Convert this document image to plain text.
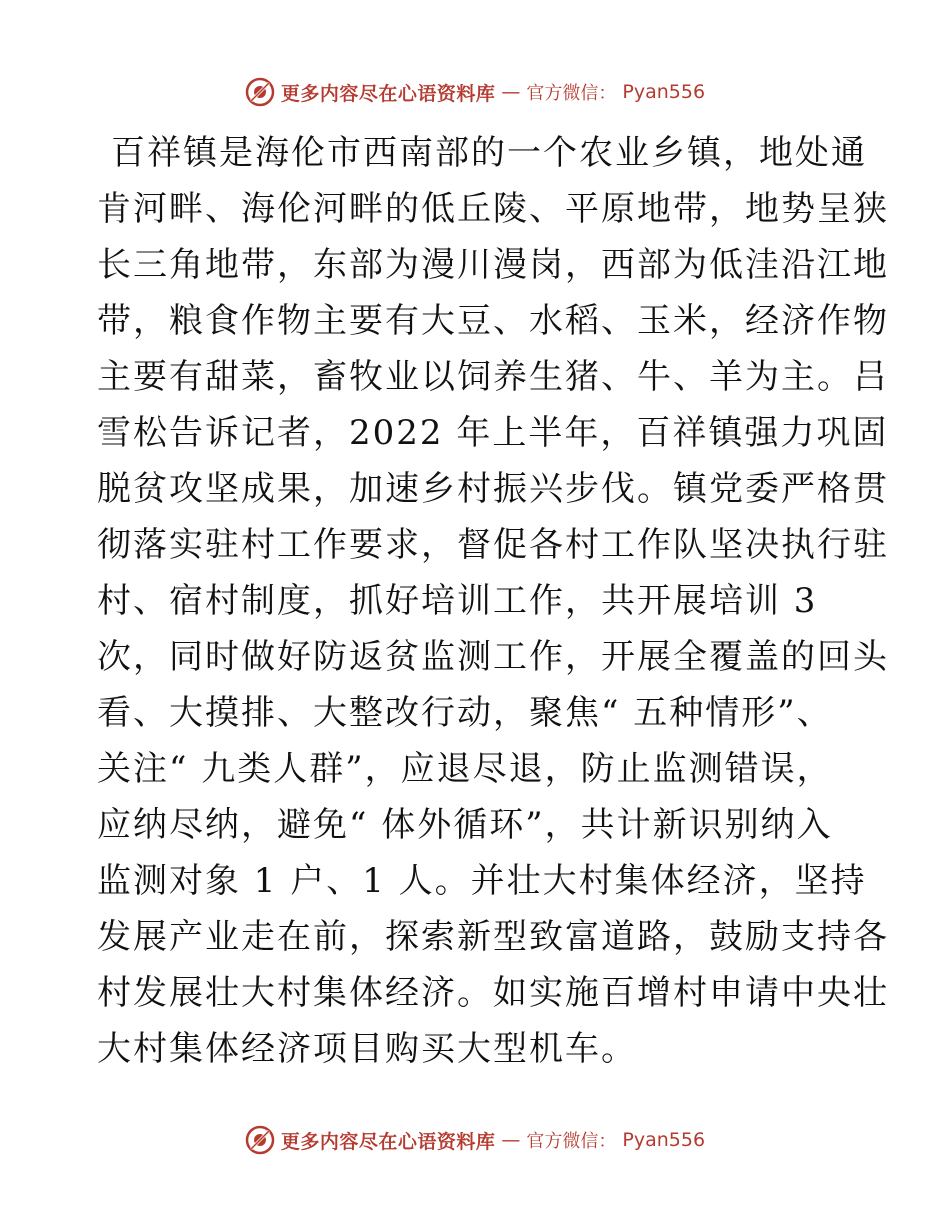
更多内容尽在心语资料库 — 官方微信： Pyan556
百祥镇是海伦市西南部的一个农业乡镇，地处通
肯河畔、海伦河畔的低丘陵、平原地带，地势呈狭
长三角地带，东部为漫川漫岗，西部为低洼沿江地
带，粮食作物主要有大豆、水稻、玉米，经济作物
主要有甜菜，畜牧业以饲养生猪、牛、羊为主。吕
雪松告诉记者，2022 年上半年，百祥镇强力巩固
脱贫攻坚成果，加速乡村振兴步伐。镇党委严格贯
彻落实驻村工作要求，督促各村工作队坚决执行驻
村、宿村制度，抓好培训工作，共开展培训 3
次，同时做好防返贫监测工作，开展全覆盖的回头
看、大摸排、大整改行动，聚焦“ 五种情形”、
关注“ 九类人群”，应退尽退，防止监测错误，
应纳尽纳，避免“ 体外循环”，共计新识别纳入
监测对象 1 户、1 人。并壮大村集体经济，坚持
发展产业走在前，探索新型致富道路，鼓励支持各
村发展壮大村集体经济。如实施百增村申请中央壮
大村集体经济项目购买大型机车。
更多内容尽在心语资料库 — 官方微信： Pyan556
